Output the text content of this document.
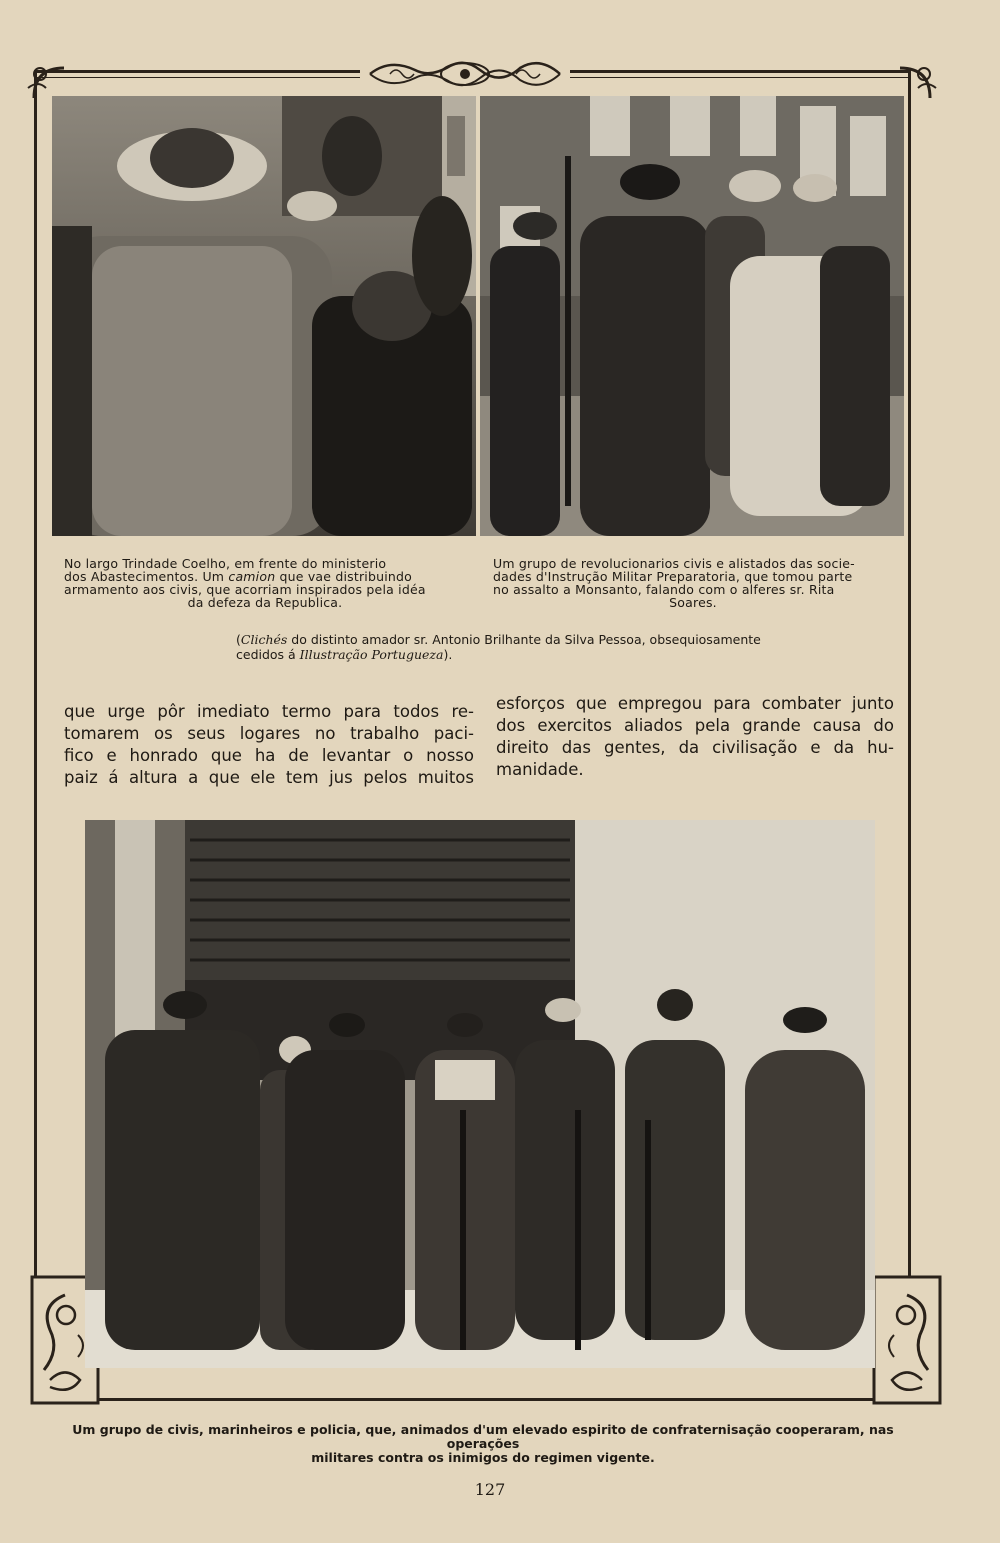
No largo Trindade Coelho, em frente do ministerio
dos Abastecimentos. Um camion que vae distribuindo
armamento aos civis, que acorriam inspirados pela idéa

da defeza da Republica.

Um grupo de revolucionarios civis e alistados das socie-
dades d'Instrução Militar Preparatoria, que tomou parte
no assalto a Monsanto, falando com o alferes sr. Rita

Soares.

(Clichés do distinto amador sr. Antonio Brilhante da Silva Pessoa, obsequiosamente
cedidos á Illustração Portugueza).

que urge pôr imediato termo para todos re-
tomarem os seus logares no trabalho paci-
fico e honrado que ha de levantar o nosso
paiz á altura a que ele tem jus pelos muitos

esforços que empregou para combater junto
dos exercitos aliados pela grande causa do
direito das gentes, da civilisação e da hu-
manidade.

Um grupo de civis, marinheiros e policia, que, animados d'um elevado espirito de confraternisação cooperaram, nas operações
militares contra os inimigos do regimen vigente.

127
